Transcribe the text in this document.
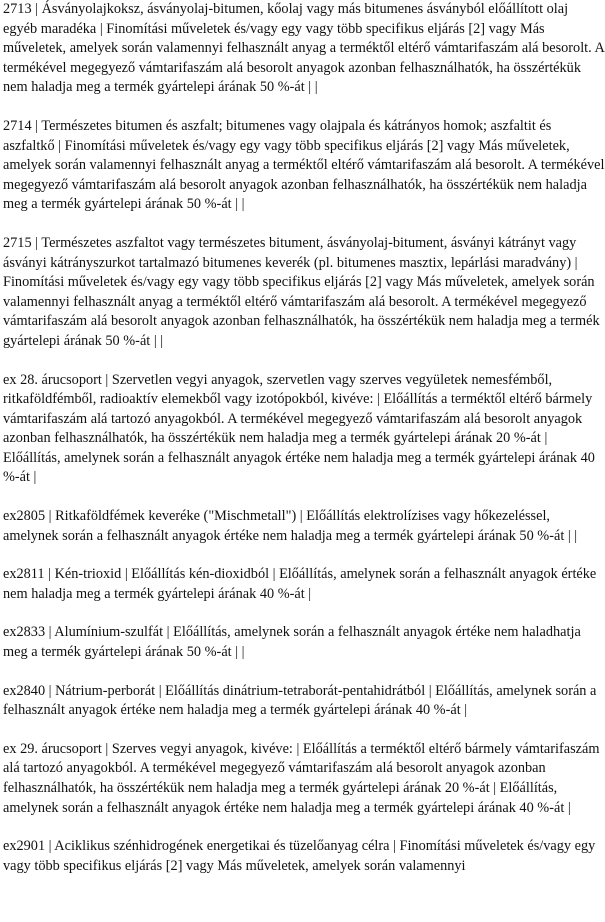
2713 | Ásványolajkoksz, ásványolaj-bitumen, kőolaj vagy más bitumenes ásványból előállított olaj egyéb maradéka | Finomítási műveletek és/vagy egy vagy több specifikus eljárás [2] vagy Más műveletek, amelyek során valamennyi felhasznált anyag a terméktől eltérő vámtarifaszám alá besorolt. A termékével megegyező vámtarifaszám alá besorolt anyagok azonban felhasználhatók, ha összértékük nem haladja meg a termék gyártelepi árának 50 %-át | |

2714 | Természetes bitumen és aszfalt; bitumenes vagy olajpala és kátrányos homok; aszfaltit és aszfaltkő | Finomítási műveletek és/vagy egy vagy több specifikus eljárás [2] vagy Más műveletek, amelyek során valamennyi felhasznált anyag a terméktől eltérő vámtarifaszám alá besorolt. A termékével megegyező vámtarifaszám alá besorolt anyagok azonban felhasználhatók, ha összértékük nem haladja meg a termék gyártelepi árának 50 %-át | |

2715 | Természetes aszfaltot vagy természetes bitument, ásványolaj-bitument, ásványi kátrányt vagy ásványi kátrányszurkot tartalmazó bitumenes keverék (pl. bitumenes masztix, lepárlási maradvány) | Finomítási műveletek és/vagy egy vagy több specifikus eljárás [2] vagy Más műveletek, amelyek során valamennyi felhasznált anyag a terméktől eltérő vámtarifaszám alá besorolt. A termékével megegyező vámtarifaszám alá besorolt anyagok azonban felhasználhatók, ha összértékük nem haladja meg a termék gyártelepi árának 50 %-át | |

ex 28. árucsoport | Szervetlen vegyi anyagok, szervetlen vagy szerves vegyületek nemesfémből, ritkaföldfémből, radioaktív elemekből vagy izotópokból, kivéve: | Előállítás a terméktől eltérő bármely vámtarifaszám alá tartozó anyagokból. A termékével megegyező vámtarifaszám alá besorolt anyagok azonban felhasználhatók, ha összértékük nem haladja meg a termék gyártelepi árának 20 %-át | Előállítás, amelynek során a felhasznált anyagok értéke nem haladja meg a termék gyártelepi árának 40 %-át |

ex2805 | Ritkaföldfémek keveréke ("Mischmetall") | Előállítás elektrolízises vagy hőkezeléssel, amelynek során a felhasznált anyagok értéke nem haladja meg a termék gyártelepi árának 50 %-át | |

ex2811 | Kén-trioxid | Előállítás kén-dioxidból | Előállítás, amelynek során a felhasznált anyagok értéke nem haladja meg a termék gyártelepi árának 40 %-át |

ex2833 | Alumínium-szulfát | Előállítás, amelynek során a felhasznált anyagok értéke nem haladhatja meg a termék gyártelepi árának 50 %-át | |

ex2840 | Nátrium-perborát | Előállítás dinátrium-tetraborát-pentahidrátból | Előállítás, amelynek során a felhasznált anyagok értéke nem haladja meg a termék gyártelepi árának 40 %-át |

ex 29. árucsoport | Szerves vegyi anyagok, kivéve: | Előállítás a terméktől eltérő bármely vámtarifaszám alá tartozó anyagokból. A termékével megegyező vámtarifaszám alá besorolt anyagok azonban felhasználhatók, ha összértékük nem haladja meg a termék gyártelepi árának 20 %-át | Előállítás, amelynek során a felhasznált anyagok értéke nem haladja meg a termék gyártelepi árának 40 %-át |

ex2901 | Aciklikus szénhidrogének energetikai és tüzelőanyag célra | Finomítási műveletek és/vagy egy vagy több specifikus eljárás [2] vagy Más műveletek, amelyek során valamennyi
